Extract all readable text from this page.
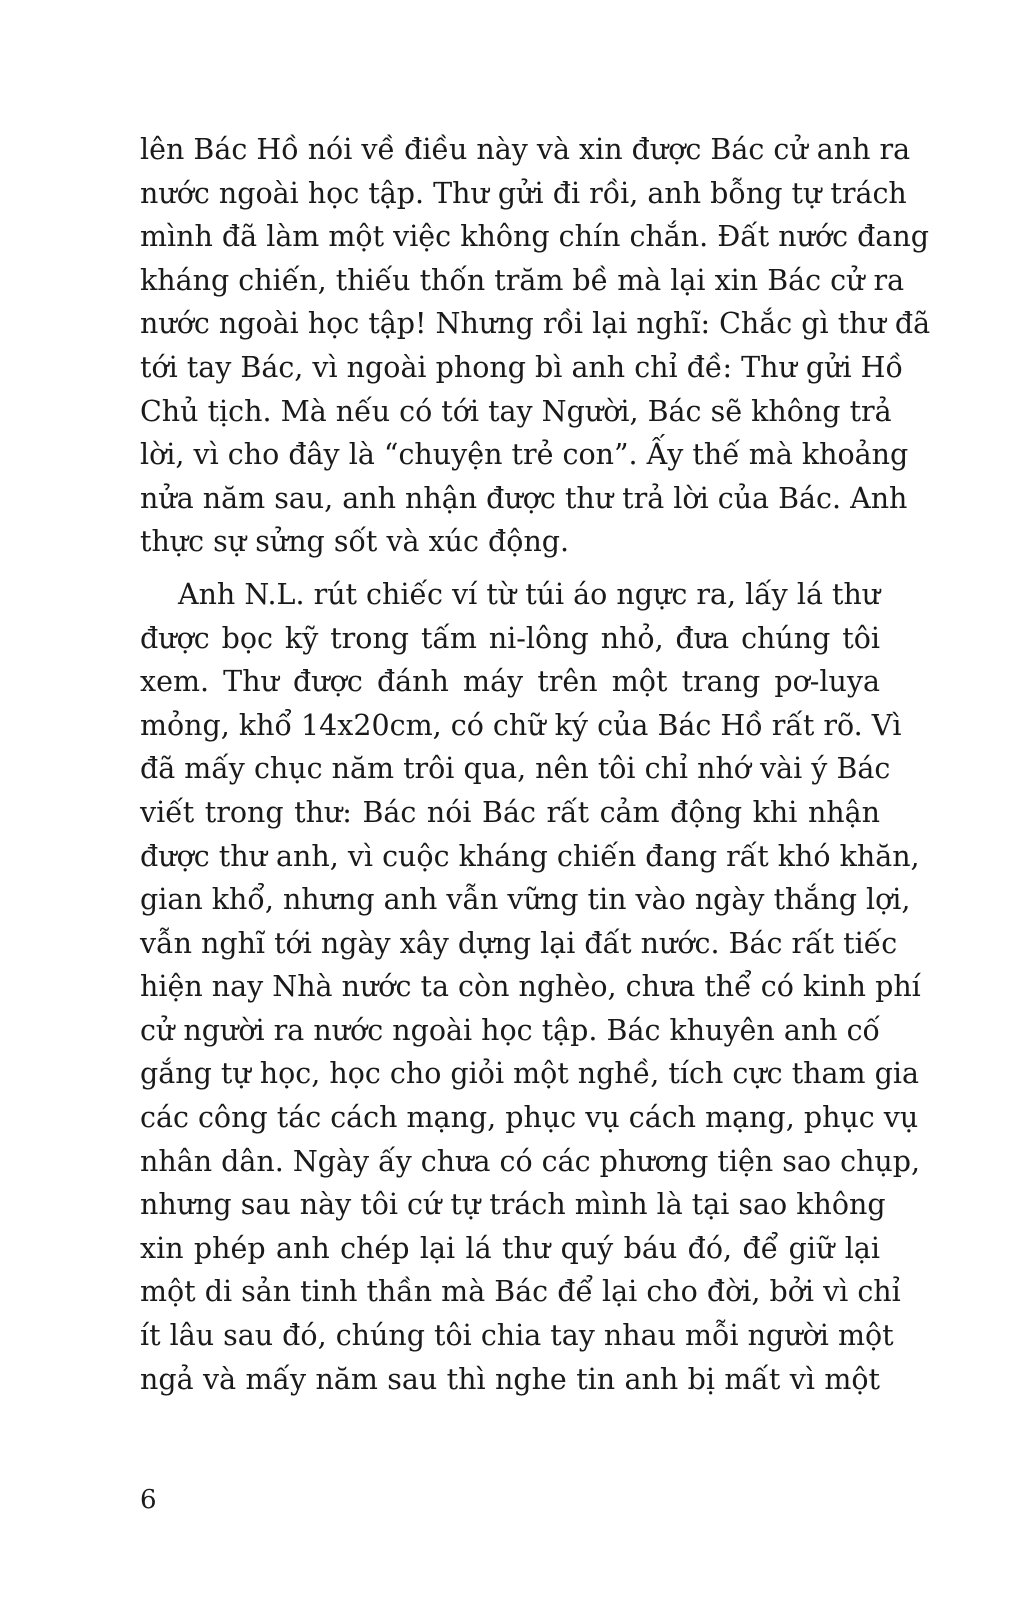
lên Bác Hồ nói về điều này và xin được Bác cử anh ra
nước ngoài học tập. Thư gửi đi rồi, anh bỗng tự trách
mình đã làm một việc không chín chắn. Đất nước đang
kháng chiến, thiếu thốn trăm bề mà lại xin Bác cử ra
nước ngoài học tập! Nhưng rồi lại nghĩ: Chắc gì thư đã
tới tay Bác, vì ngoài phong bì anh chỉ đề: Thư gửi Hồ
Chủ tịch. Mà nếu có tới tay Người, Bác sẽ không trả
lời, vì cho đây là “chuyện trẻ con”. Ấy thế mà khoảng
nửa năm sau, anh nhận được thư trả lời của Bác. Anh
thực sự sửng sốt và xúc động.
Anh N.L. rút chiếc ví từ túi áo ngực ra, lấy lá thư
được bọc kỹ trong tấm ni-lông nhỏ, đưa chúng tôi
xem. Thư được đánh máy trên một trang pơ-luya
mỏng, khổ 14x20cm, có chữ ký của Bác Hồ rất rõ. Vì
đã mấy chục năm trôi qua, nên tôi chỉ nhớ vài ý Bác
viết trong thư: Bác nói Bác rất cảm động khi nhận
được thư anh, vì cuộc kháng chiến đang rất khó khăn,
gian khổ, nhưng anh vẫn vững tin vào ngày thắng lợi,
vẫn nghĩ tới ngày xây dựng lại đất nước. Bác rất tiếc
hiện nay Nhà nước ta còn nghèo, chưa thể có kinh phí
cử người ra nước ngoài học tập. Bác khuyên anh cố
gắng tự học, học cho giỏi một nghề, tích cực tham gia
các công tác cách mạng, phục vụ cách mạng, phục vụ
nhân dân. Ngày ấy chưa có các phương tiện sao chụp,
nhưng sau này tôi cứ tự trách mình là tại sao không
xin phép anh chép lại lá thư quý báu đó, để giữ lại
một di sản tinh thần mà Bác để lại cho đời, bởi vì chỉ
ít lâu sau đó, chúng tôi chia tay nhau mỗi người một
ngả và mấy năm sau thì nghe tin anh bị mất vì một
6
